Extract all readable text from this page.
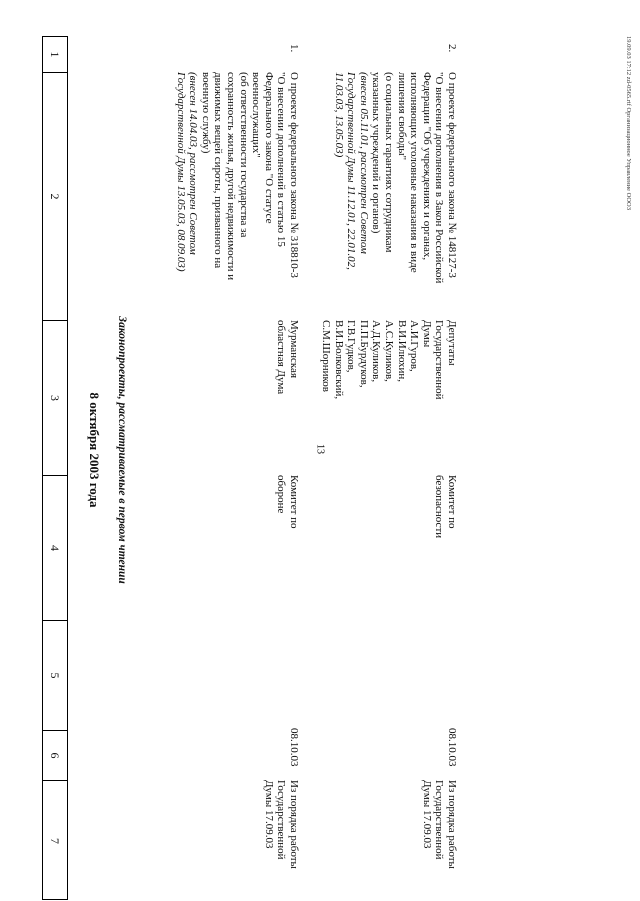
13
1
2
3
4
5
6
7
8 октября 2003 года Законопроекты, рассматриваемые в первом чтении
1.

О проекте федерального закона № 318810-3

"О внесении дополнений в статью 15

Федерального закона "О статусе

военнослужащих"

(об ответственности государства за

сохранность жилья, другой недвижимости и

движимых вещей сироты, призванного на

военную службу)

(внесен 14.04.03, рассмотрен Советом

Государственной Думы 13.05.03, 08.09.03)

Мурманская

областная Дума

Комитет по

обороне

08.10.03

Из порядка работы

Государственной

Думы 17.09.03

2.

О проекте федерального закона № 148127-3

"О внесении дополнения в Закон Российской

Федерации "Об учреждениях и органах,

исполняющих уголовные наказания в виде

лишения свободы"

(о социальных гарантиях сотрудникам

указанных учреждений и органов)

(внесен 05.11.01, рассмотрен Советом

Государственной Думы 11.12.01, 22.01.02,

11.03.03, 13.05.03)

Депутаты

Государственной

Думы

А.И.Гуров,

В.И.Илюхин,

А.С.Куликов,

А.Д.Куликов,

П.П.Бурдуков,

Г.В.Гудков,

В.И.Волковский,

С.М.Шорников

Комитет по

безопасности

08.10.03

Из порядка работы

Государственной

Думы 17.09.03

19.09.03 17:12 zd-0565.rtf Организационное Управление ООО3
